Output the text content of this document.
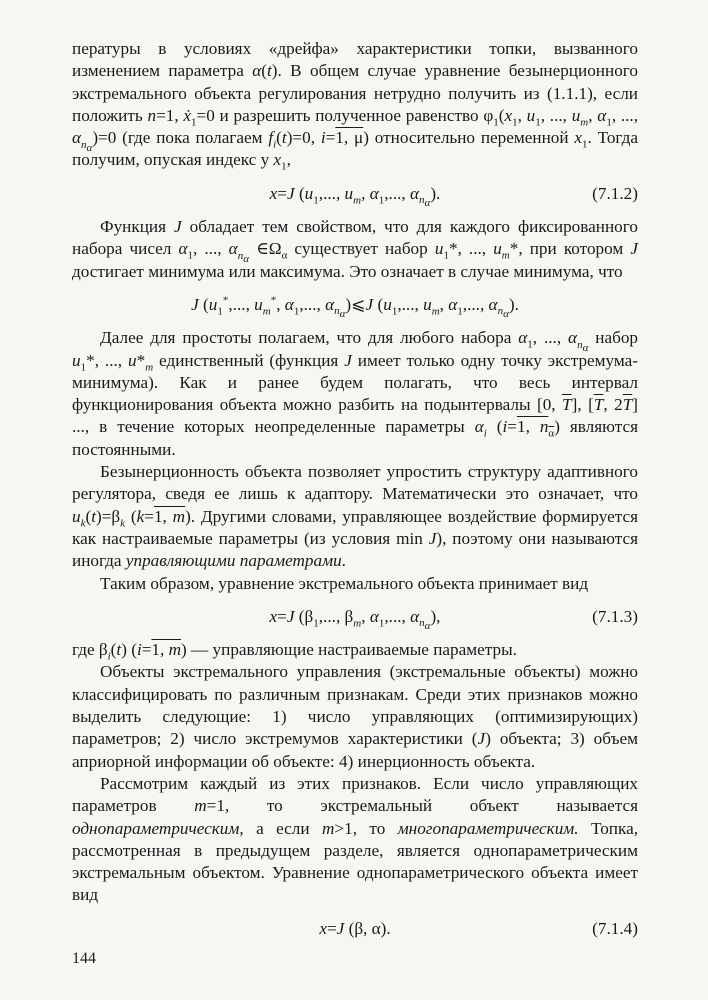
пературы в условиях «дрейфа» характеристики топки, вызванного изменением параметра α(t). В общем случае уравнение безынерционного экстремального объекта регулирования нетрудно получить из (1.1.1), если положить n=1, ẋ$_1$=0 и разрешить полученное равенство $\varphi_1(x_1$, $u_1$, ..., $u_m$, $\alpha_1$, ..., $\alpha_{n_\alpha})=0$ (где пока полагаем $f_i(t)=0$, i=1, μ) относительно переменной $x_1$. Тогда получим, опуская индекс у $x_1$,

x=J ($u_1$,..., $u_m$, $\alpha_1$,..., $\alpha_{n_\alpha}$).	(7.1.2)

Функция J обладает тем свойством, что для каждого фиксированного набора чисел $\alpha_1$, ..., $\alpha_{n_\alpha}$ $\in\Omega_\alpha$ существует набор $u_1*$, ..., $u_m*$, при котором J достигает минимума или максимума. Это означает в случае минимума, что

J ($u_1^*$,..., $u_m^*$, $\alpha_1$,..., $\alpha_{n_\alpha})⩽J$ ($u_1$,..., $u_m$, $\alpha_1$,..., $\alpha_{n_\alpha}$).

Далее для простоты полагаем, что для любого набора $\alpha_1$, ..., $\alpha_{n_\alpha}$ набор $u_1*$, ..., $u*_m$ единственный (функция J имеет только одну точку экстремума-минимума). Как и ранее будем полагать, что весь интервал функционирования объекта можно разбить на подынтервалы [0, $\overline{T}$], [$\overline{T}$, $2\overline{T}$] ..., в течение которых неопределенные параметры $\alpha_i$ (i=1, $n_\alpha$) являются постоянными.

Безынерционность объекта позволяет упростить структуру адаптивного регулятора, сведя ее лишь к адаптору. Математически это означает, что $u_k(t)=\beta_k$ (k=1, m). Другими словами, управляющее воздействие формируется как настраиваемые параметры (из условия min J), поэтому они называются иногда управляющими параметрами.

Таким образом, уравнение экстремального объекта принимает вид

x=J ($\beta_1$,..., $\beta_m$, $\alpha_1$,..., $\alpha_{n_\alpha}$),	(7.1.3)

где $\beta_i(t)$ (i=1, m) — управляющие настраиваемые параметры.

Объекты экстремального управления (экстремальные объекты) можно классифицировать по различным признакам. Среди этих признаков можно выделить следующие: 1) число управляющих (оптимизирующих) параметров; 2) число экстремумов характеристики (J) объекта; 3) объем априорной информации об объекте: 4) инерционность объекта.

Рассмотрим каждый из этих признаков. Если число управляющих параметров m=1, то экстремальный объект называется однопараметрическим, а если m>1, то многопараметрическим. Топка, рассмотренная в предыдущем разделе, является однопараметрическим экстремальным объектом. Уравнение однопараметрического объекта имеет вид

x=J (β, α).	(7.1.4)
144
